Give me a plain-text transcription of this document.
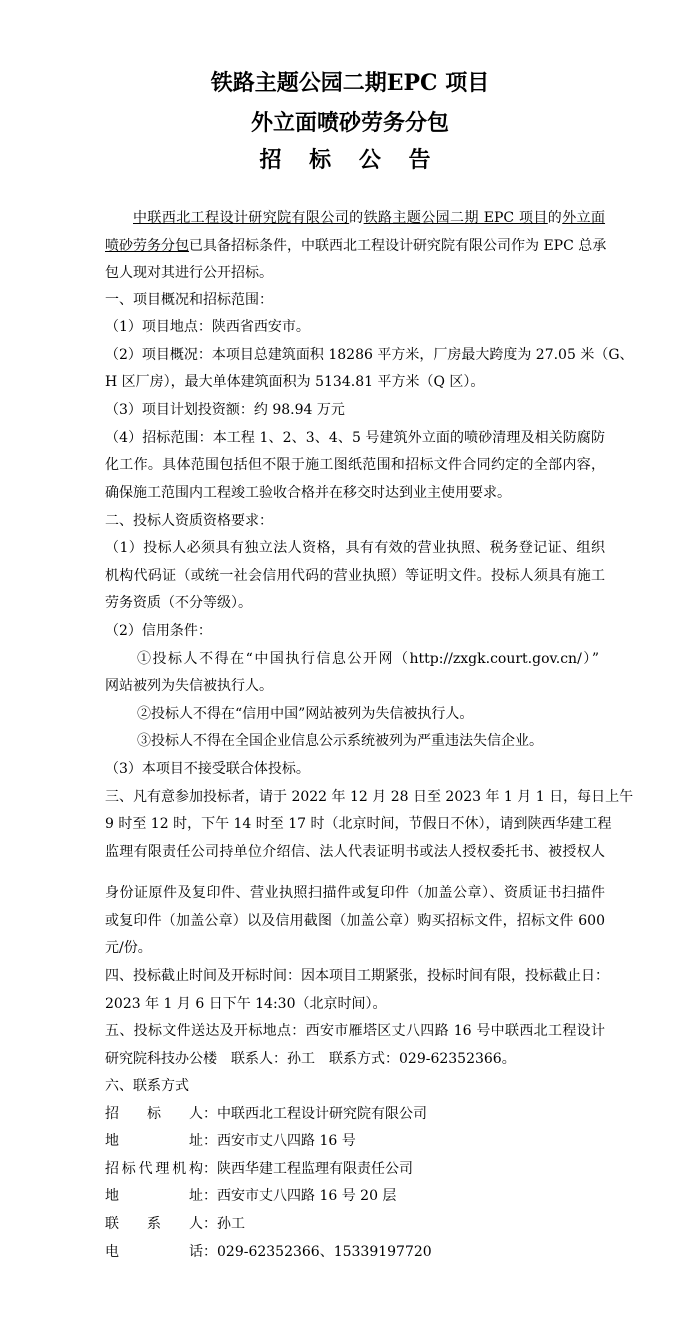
铁路主题公园二期EPC 项目
外立面喷砂劳务分包
招 标 公 告
中联西北工程设计研究院有限公司的铁路主题公园二期 EPC 项目的外立面
喷砂劳务分包已具备招标条件，中联西北工程设计研究院有限公司作为 EPC 总承
包人现对其进行公开招标。
一、项目概况和招标范围：
（1）项目地点：陕西省西安市。
（2）项目概况：本项目总建筑面积 18286 平方米，厂房最大跨度为 27.05 米（G、
H 区厂房），最大单体建筑面积为 5134.81 平方米（Q 区）。
（3）项目计划投资额：约 98.94 万元
（4）招标范围：本工程 1、2、3、4、5 号建筑外立面的喷砂清理及相关防腐防
化工作。具体范围包括但不限于施工图纸范围和招标文件合同约定的全部内容，
确保施工范围内工程竣工验收合格并在移交时达到业主使用要求。
二、投标人资质资格要求：
（1）投标人必须具有独立法人资格，具有有效的营业执照、税务登记证、组织
机构代码证（或统一社会信用代码的营业执照）等证明文件。投标人须具有施工
劳务资质（不分等级）。
（2）信用条件：
①投标人不得在“中国执行信息公开网（http://zxgk.court.gov.cn/）”
网站被列为失信被执行人。
②投标人不得在“信用中国”网站被列为失信被执行人。
③投标人不得在全国企业信息公示系统被列为严重违法失信企业。
（3）本项目不接受联合体投标。
三、凡有意参加投标者，请于 2022 年 12 月 28 日至 2023 年 1 月 1 日，每日上午
9 时至 12 时，下午 14 时至 17 时（北京时间，节假日不休），请到陕西华建工程
监理有限责任公司持单位介绍信、法人代表证明书或法人授权委托书、被授权人
身份证原件及复印件、营业执照扫描件或复印件（加盖公章）、资质证书扫描件
或复印件（加盖公章）以及信用截图（加盖公章）购买招标文件，招标文件 600
元/份。
四、投标截止时间及开标时间：因本项目工期紧张，投标时间有限，投标截止日：
2023 年 1 月 6 日下午 14:30（北京时间）。
五、投标文件送达及开标地点：西安市雁塔区丈八四路 16 号中联西北工程设计
研究院科技办公楼　联系人：孙工　联系方式：029-62352366。
六、联系方式
招标人：中联西北工程设计研究院有限公司
地址：西安市丈八四路 16 号
招标代理机构：陕西华建工程监理有限责任公司
地址：西安市丈八四路 16 号 20 层
联系人：孙工
电话：029-62352366、15339197720
